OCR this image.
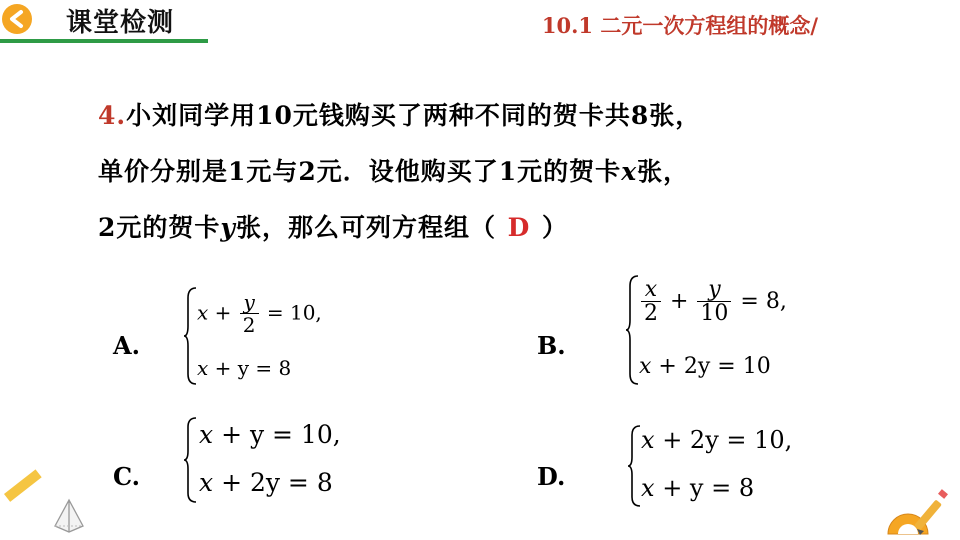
课堂检测	10.1 二元一次方程组的概念/
4.小刘同学用10元钱购买了两种不同的贺卡共8张，
单价分别是1元与2元．设他购买了1元的贺卡x张，
2元的贺卡y张，那么可列方程组（ D ）
A.
$x + \frac{y}{2} = 10$,
x + y = 8
B.
$\frac{x}{2} + \frac{y}{10} = 8$,
x + 2y = 10
C.
x + y = 10,
x + 2y = 8	D.
x + 2y = 10,
x + y = 8
